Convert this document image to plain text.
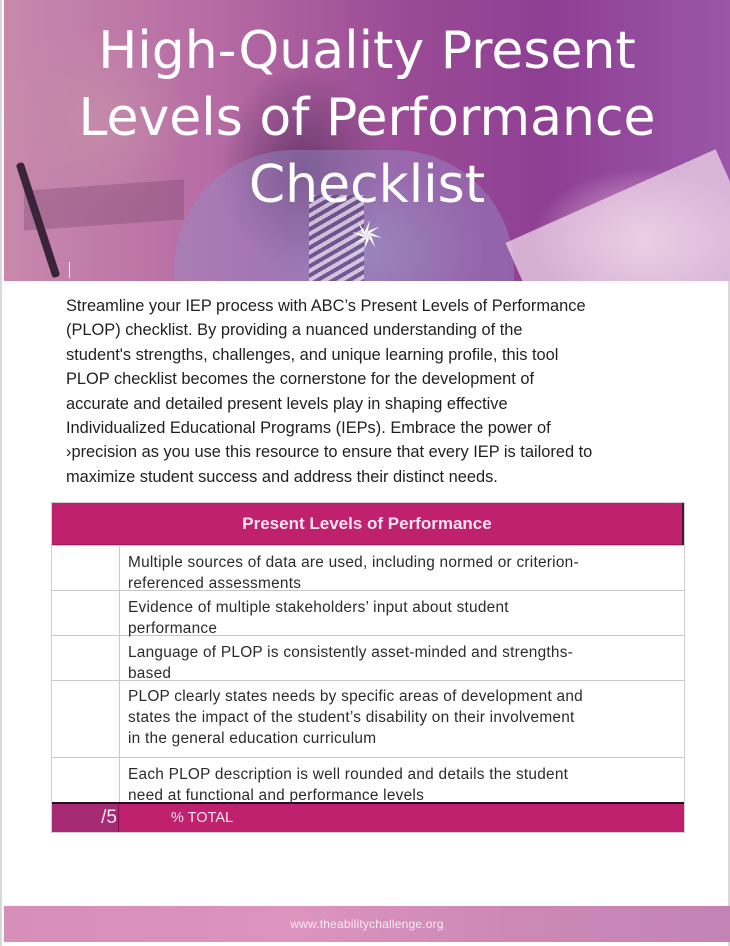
High-Quality Present
Levels of Performance
Checklist
Streamline your IEP process with ABC’s Present Levels of Performance
(PLOP) checklist. By providing a nuanced understanding of the
student's strengths, challenges, and unique learning profile, this tool
PLOP checklist becomes the cornerstone for the development of
accurate and detailed present levels play in shaping effective
Individualized Educational Programs (IEPs). Embrace the power of
›precision as you use this resource to ensure that every IEP is tailored to
maximize student success and address their distinct needs.
Present Levels of Performance
Multiple sources of data are used, including normed or criterion-
referenced assessments
Evidence of multiple stakeholders’ input about student
performance
Language of PLOP is consistently asset-minded and strengths-
based
PLOP clearly states needs by specific areas of development and
states the impact of the student’s disability on their involvement
in the general education curriculum
Each PLOP description is well rounded and details the student
need at functional and performance levels
/5	% TOTAL
www.theabilitychallenge.org
